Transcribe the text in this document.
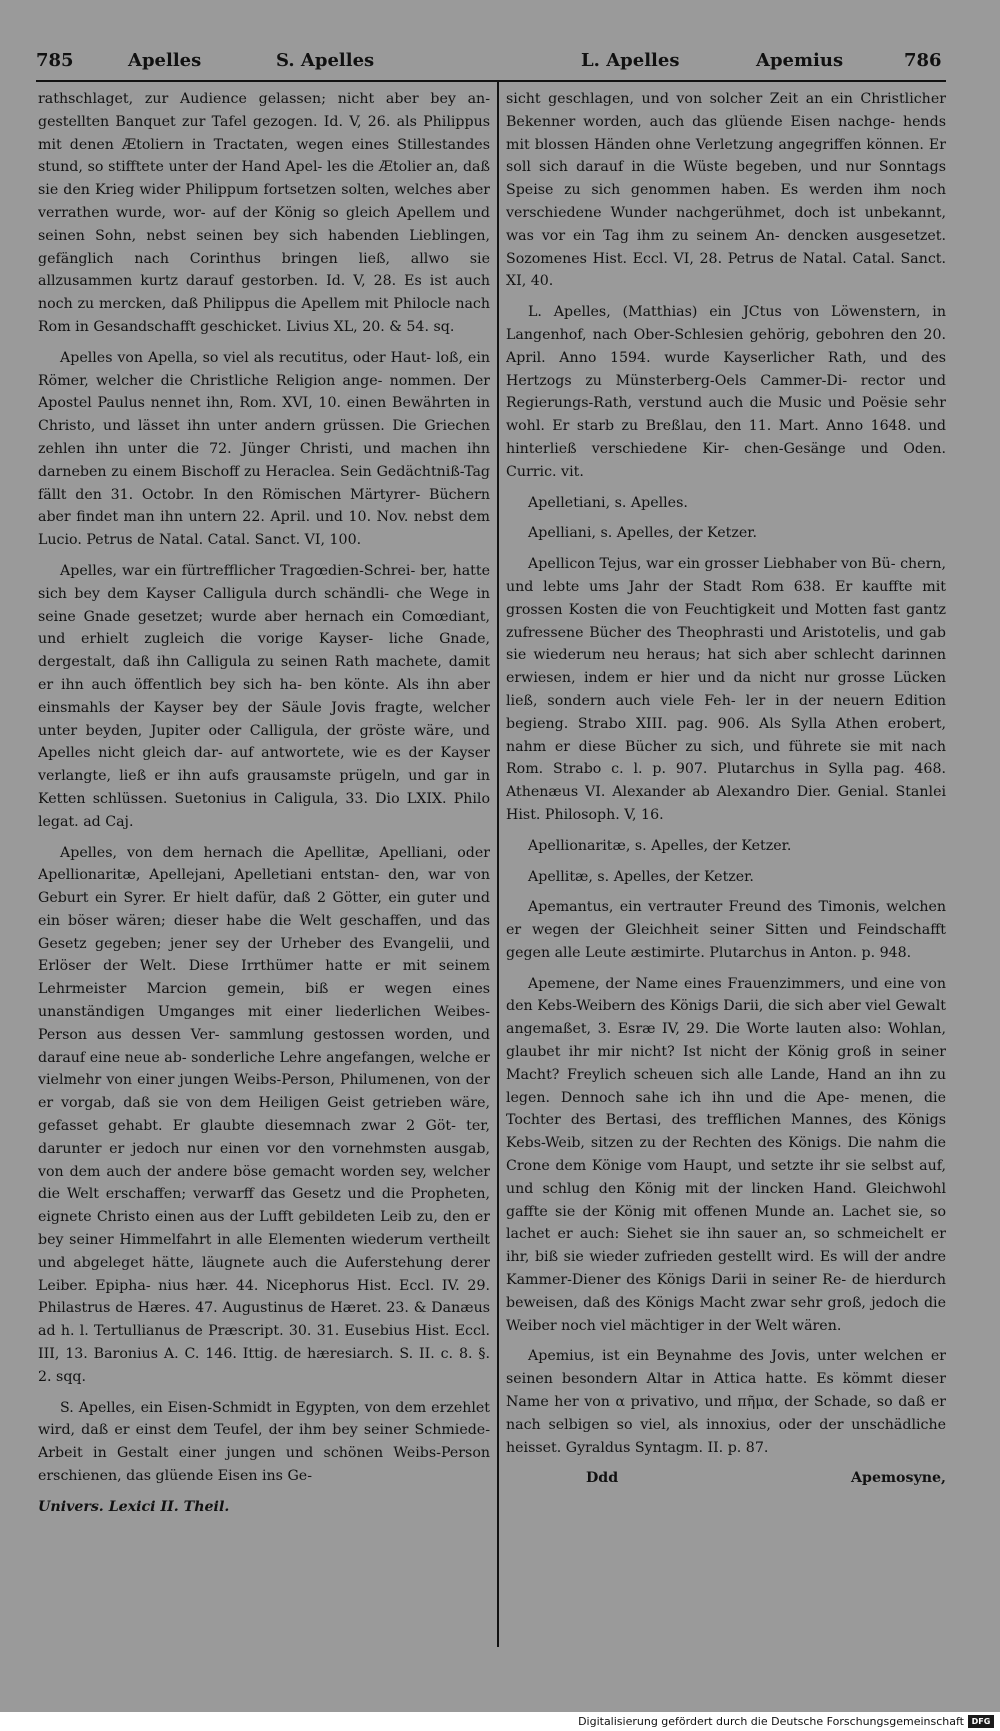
785	Apelles	S. Apelles	L. Apelles	Apemius	786

rathschlaget, zur Audience gelassen; nicht aber bey an- gestellten Banquet zur Tafel gezogen. Id. V, 26. als Philippus mit denen Ætoliern in Tractaten, wegen eines Stillestandes stund, so stifftete unter der Hand Apel- les die Ætolier an, daß sie den Krieg wider Philippum fortsetzen solten, welches aber verrathen wurde, wor- auf der König so gleich Apellem und seinen Sohn, nebst seinen bey sich habenden Lieblingen, gefänglich nach Corinthus bringen ließ, allwo sie allzusammen kurtz darauf gestorben. Id. V, 28. Es ist auch noch zu mercken, daß Philippus die Apellem mit Philocle nach Rom in Gesandschafft geschicket. Livius XL, 20. & 54. sq.

Apelles von Apella, so viel als recutitus, oder Haut- loß, ein Römer, welcher die Christliche Religion ange- nommen. Der Apostel Paulus nennet ihn, Rom. XVI, 10. einen Bewährten in Christo, und lässet ihn unter andern grüssen. Die Griechen zehlen ihn unter die 72. Jünger Christi, und machen ihn darneben zu einem Bischoff zu Heraclea. Sein Gedächtniß-Tag fällt den 31. Octobr. In den Römischen Märtyrer- Büchern aber findet man ihn untern 22. April. und 10. Nov. nebst dem Lucio. Petrus de Natal. Catal. Sanct. VI, 100.

Apelles, war ein fürtrefflicher Tragœdien-Schrei- ber, hatte sich bey dem Kayser Calligula durch schändli- che Wege in seine Gnade gesetzet; wurde aber hernach ein Comœdiant, und erhielt zugleich die vorige Kayser- liche Gnade, dergestalt, daß ihn Calligula zu seinen Rath machete, damit er ihn auch öffentlich bey sich ha- ben könte. Als ihn aber einsmahls der Kayser bey der Säule Jovis fragte, welcher unter beyden, Jupiter oder Calligula, der gröste wäre, und Apelles nicht gleich dar- auf antwortete, wie es der Kayser verlangte, ließ er ihn aufs grausamste prügeln, und gar in Ketten schlüssen. Suetonius in Caligula, 33. Dio LXIX. Philo legat. ad Caj.

Apelles, von dem hernach die Apellitæ, Apelliani, oder Apellionaritæ, Apellejani, Apelletiani entstan- den, war von Geburt ein Syrer. Er hielt dafür, daß 2 Götter, ein guter und ein böser wären; dieser habe die Welt geschaffen, und das Gesetz gegeben; jener sey der Urheber des Evangelii, und Erlöser der Welt. Diese Irrthümer hatte er mit seinem Lehrmeister Marcion gemein, biß er wegen eines unanständigen Umganges mit einer liederlichen Weibes-Person aus dessen Ver- sammlung gestossen worden, und darauf eine neue ab- sonderliche Lehre angefangen, welche er vielmehr von einer jungen Weibs-Person, Philumenen, von der er vorgab, daß sie von dem Heiligen Geist getrieben wäre, gefasset gehabt. Er glaubte diesemnach zwar 2 Göt- ter, darunter er jedoch nur einen vor den vornehmsten ausgab, von dem auch der andere böse gemacht worden sey, welcher die Welt erschaffen; verwarff das Gesetz und die Propheten, eignete Christo einen aus der Lufft gebildeten Leib zu, den er bey seiner Himmelfahrt in alle Elementen wiederum vertheilt und abgeleget hätte, läugnete auch die Auferstehung derer Leiber. Epipha- nius hær. 44. Nicephorus Hist. Eccl. IV. 29. Philastrus de Hæres. 47. Augustinus de Hæret. 23. & Danæus ad h. l. Tertullianus de Præscript. 30. 31. Eusebius Hist. Eccl. III, 13. Baronius A. C. 146. Ittig. de hæresiarch. S. II. c. 8. §. 2. sqq.

S. Apelles, ein Eisen-Schmidt in Egypten, von dem erzehlet wird, daß er einst dem Teufel, der ihm bey seiner Schmiede-Arbeit in Gestalt einer jungen und schönen Weibs-Person erschienen, das glüende Eisen ins Ge-

Univers. Lexici II. Theil.

sicht geschlagen, und von solcher Zeit an ein Christlicher Bekenner worden, auch das glüende Eisen nachge- hends mit blossen Händen ohne Verletzung angegriffen können. Er soll sich darauf in die Wüste begeben, und nur Sonntags Speise zu sich genommen haben. Es werden ihm noch verschiedene Wunder nachgerühmet, doch ist unbekannt, was vor ein Tag ihm zu seinem An- dencken ausgesetzet. Sozomenes Hist. Eccl. VI, 28. Petrus de Natal. Catal. Sanct. XI, 40.

L. Apelles, (Matthias) ein JCtus von Löwenstern, in Langenhof, nach Ober-Schlesien gehörig, gebohren den 20. April. Anno 1594. wurde Kayserlicher Rath, und des Hertzogs zu Münsterberg-Oels Cammer-Di- rector und Regierungs-Rath, verstund auch die Music und Poësie sehr wohl. Er starb zu Breßlau, den 11. Mart. Anno 1648. und hinterließ verschiedene Kir- chen-Gesänge und Oden. Curric. vit.

Apelletiani, s. Apelles.

Apelliani, s. Apelles, der Ketzer.

Apellicon Tejus, war ein grosser Liebhaber von Bü- chern, und lebte ums Jahr der Stadt Rom 638. Er kauffte mit grossen Kosten die von Feuchtigkeit und Motten fast gantz zufressene Bücher des Theophrasti und Aristotelis, und gab sie wiederum neu heraus; hat sich aber schlecht darinnen erwiesen, indem er hier und da nicht nur grosse Lücken ließ, sondern auch viele Feh- ler in der neuern Edition begieng. Strabo XIII. pag. 906. Als Sylla Athen erobert, nahm er diese Bücher zu sich, und führete sie mit nach Rom. Strabo c. l. p. 907. Plutarchus in Sylla pag. 468. Athenæus VI. Alexander ab Alexandro Dier. Genial. Stanlei Hist. Philosoph. V, 16.

Apellionaritæ, s. Apelles, der Ketzer.

Apellitæ, s. Apelles, der Ketzer.

Apemantus, ein vertrauter Freund des Timonis, welchen er wegen der Gleichheit seiner Sitten und Feindschafft gegen alle Leute æstimirte. Plutarchus in Anton. p. 948.

Apemene, der Name eines Frauenzimmers, und eine von den Kebs-Weibern des Königs Darii, die sich aber viel Gewalt angemaßet, 3. Esræ IV, 29. Die Worte lauten also: Wohlan, glaubet ihr mir nicht? Ist nicht der König groß in seiner Macht? Freylich scheuen sich alle Lande, Hand an ihn zu legen. Dennoch sahe ich ihn und die Ape- menen, die Tochter des Bertasi, des trefflichen Mannes, des Königs Kebs-Weib, sitzen zu der Rechten des Königs. Die nahm die Crone dem Könige vom Haupt, und setzte ihr sie selbst auf, und schlug den König mit der lincken Hand. Gleichwohl gaffte sie der König mit offenen Munde an. Lachet sie, so lachet er auch: Siehet sie ihn sauer an, so schmeichelt er ihr, biß sie wieder zufrieden gestellt wird. Es will der andre Kammer-Diener des Königs Darii in seiner Re- de hierdurch beweisen, daß des Königs Macht zwar sehr groß, jedoch die Weiber noch viel mächtiger in der Welt wären.

Apemius, ist ein Beynahme des Jovis, unter welchen er seinen besondern Altar in Attica hatte. Es kömmt dieser Name her von α privativo, und πῆμα, der Schade, so daß er nach selbigen so viel, als innoxius, oder der unschädliche heisset. Gyraldus Syntagm. II. p. 87.

Ddd	Apemosyne,
Digitalisierung gefördert durch die Deutsche Forschungsgemeinschaft DFG
